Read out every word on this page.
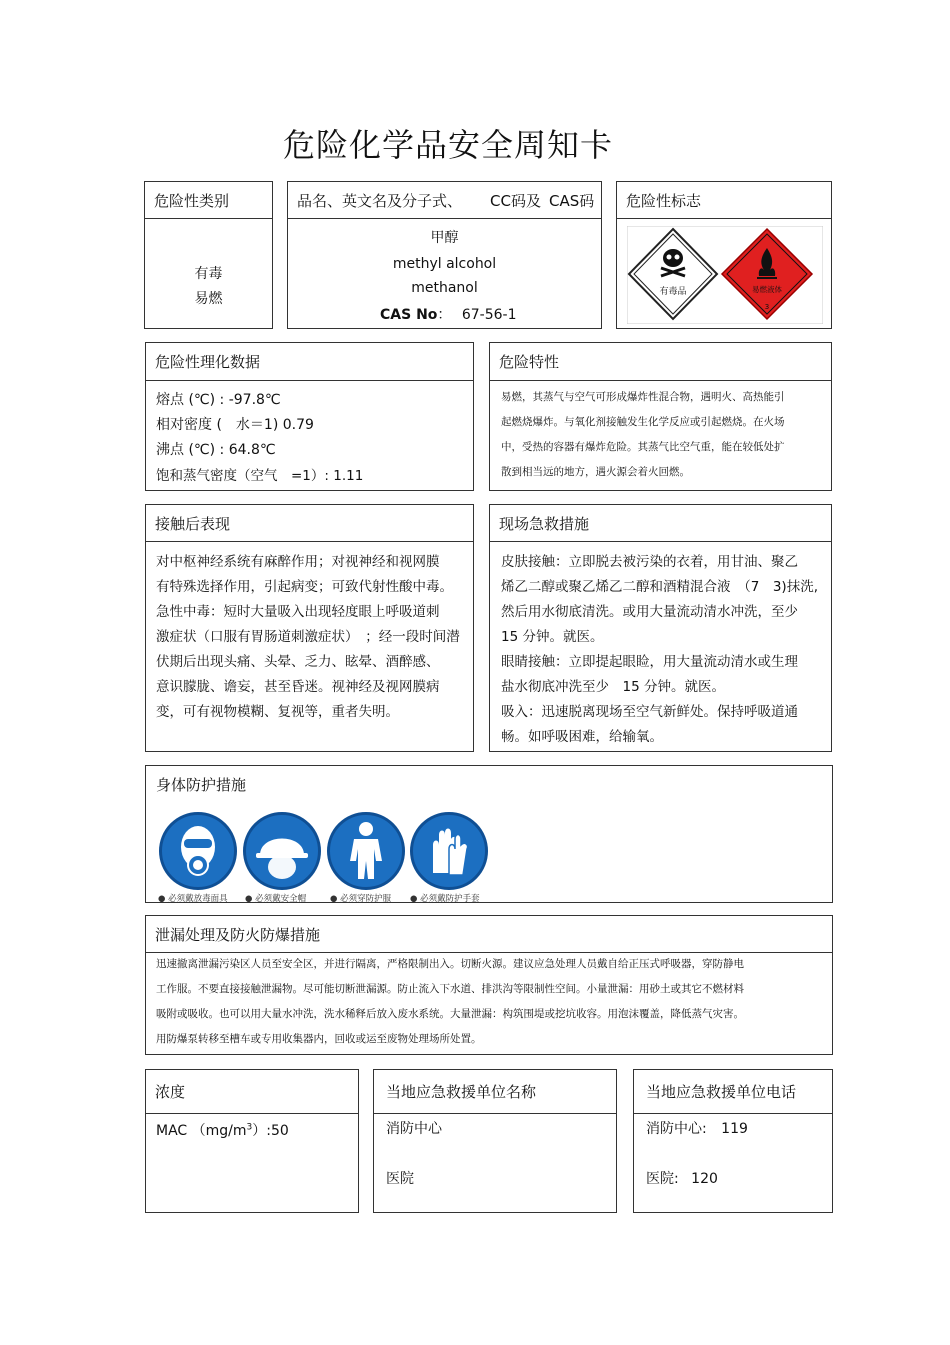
危险化学品安全周知卡
危险性类别
有毒
易燃
品名、英文名及分子式、 CC码及 CAS码
甲醇
methyl alcohol
methanol
CAS No： 67-56-1
危险性标志
有毒品	易燃液体
3
危险性理化数据
熔点 (℃) : -97.8℃
相对密度 (　水＝1) 0.79
沸点 (℃) : 64.8℃
饱和蒸气密度（空气　=1）: 1.11
危险特性
易燃，其蒸气与空气可形成爆炸性混合物，遇明火、高热能引
起燃烧爆炸。与氧化剂接触发生化学反应或引起燃烧。在火场
中，受热的容器有爆炸危险。其蒸气比空气重，能在较低处扩
散到相当远的地方，遇火源会着火回燃。
接触后表现
对中枢神经系统有麻醉作用；对视神经和视网膜
有特殊选择作用，引起病变；可致代射性酸中毒。
急性中毒：短时大量吸入出现轻度眼上呼吸道刺
激症状（口服有胃肠道刺激症状）　；经一段时间潜
伏期后出现头痛、头晕、乏力、眩晕、酒醉感、
意识朦胧、谵妄，甚至昏迷。视神经及视网膜病
变，可有视物模糊、复视等，重者失明。
现场急救措施
皮肤接触：立即脱去被污染的衣着，用甘油、聚乙
烯乙二醇或聚乙烯乙二醇和酒精混合液　（7　3)抹洗,
然后用水彻底清洗。或用大量流动清水冲洗，至少
15 分钟。就医。
眼睛接触：立即提起眼睑，用大量流动清水或生理
盐水彻底冲洗至少　15 分钟。就医。
吸入：迅速脱离现场至空气新鲜处。保持呼吸道通
畅。如呼吸困难，给输氧。
身体防护措施
● 必须戴放毒面具 ● 必须戴安全帽	● 必须穿防护服 ● 必须戴防护手套
泄漏处理及防火防爆措施
迅速撤离泄漏污染区人员至安全区，并进行隔离，严格限制出入。切断火源。建议应急处理人员戴自给正压式呼吸器，穿防静电
工作服。不要直接接触泄漏物。尽可能切断泄漏源。防止流入下水道、排洪沟等限制性空间。小量泄漏：用砂土或其它不燃材料
吸附或吸收。也可以用大量水冲洗，洗水稀释后放入废水系统。大量泄漏：构筑围堤或挖坑收容。用泡沫覆盖，降低蒸气灾害。
用防爆泵转移至槽车或专用收集器内，回收或运至废物处理场所处置。
浓度
MAC $(mg/m^3):50$
当地应急救援单位名称
消防中心
医院
当地应急救援单位电话
消防中心: 119
医院: 120
